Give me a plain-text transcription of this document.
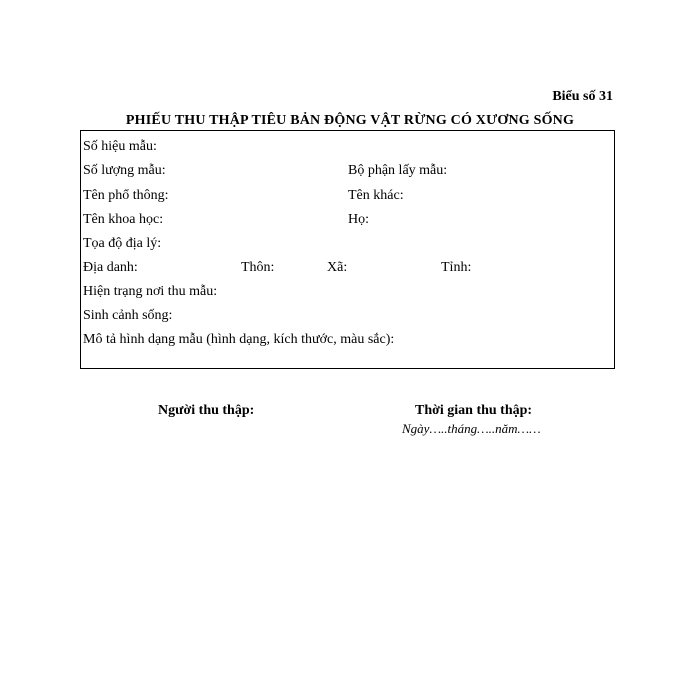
Biểu số 31
PHIẾU THU THẬP TIÊU BẢN ĐỘNG VẬT RỪNG CÓ XƯƠNG SỐNG
Số hiệu mẫu:
Số lượng mẫu:	Bộ phận lấy mẫu:
Tên phổ thông:	Tên khác:
Tên khoa học:	Họ:
Tọa độ địa lý:
Địa danh:	Thôn:	Xã:	Tỉnh:
Hiện trạng nơi thu mẫu:
Sinh cảnh sống:
Mô tả hình dạng mẫu (hình dạng, kích thước, màu sắc):
Người thu thập:	Thời gian thu thập:
Ngày…..tháng…..năm……
